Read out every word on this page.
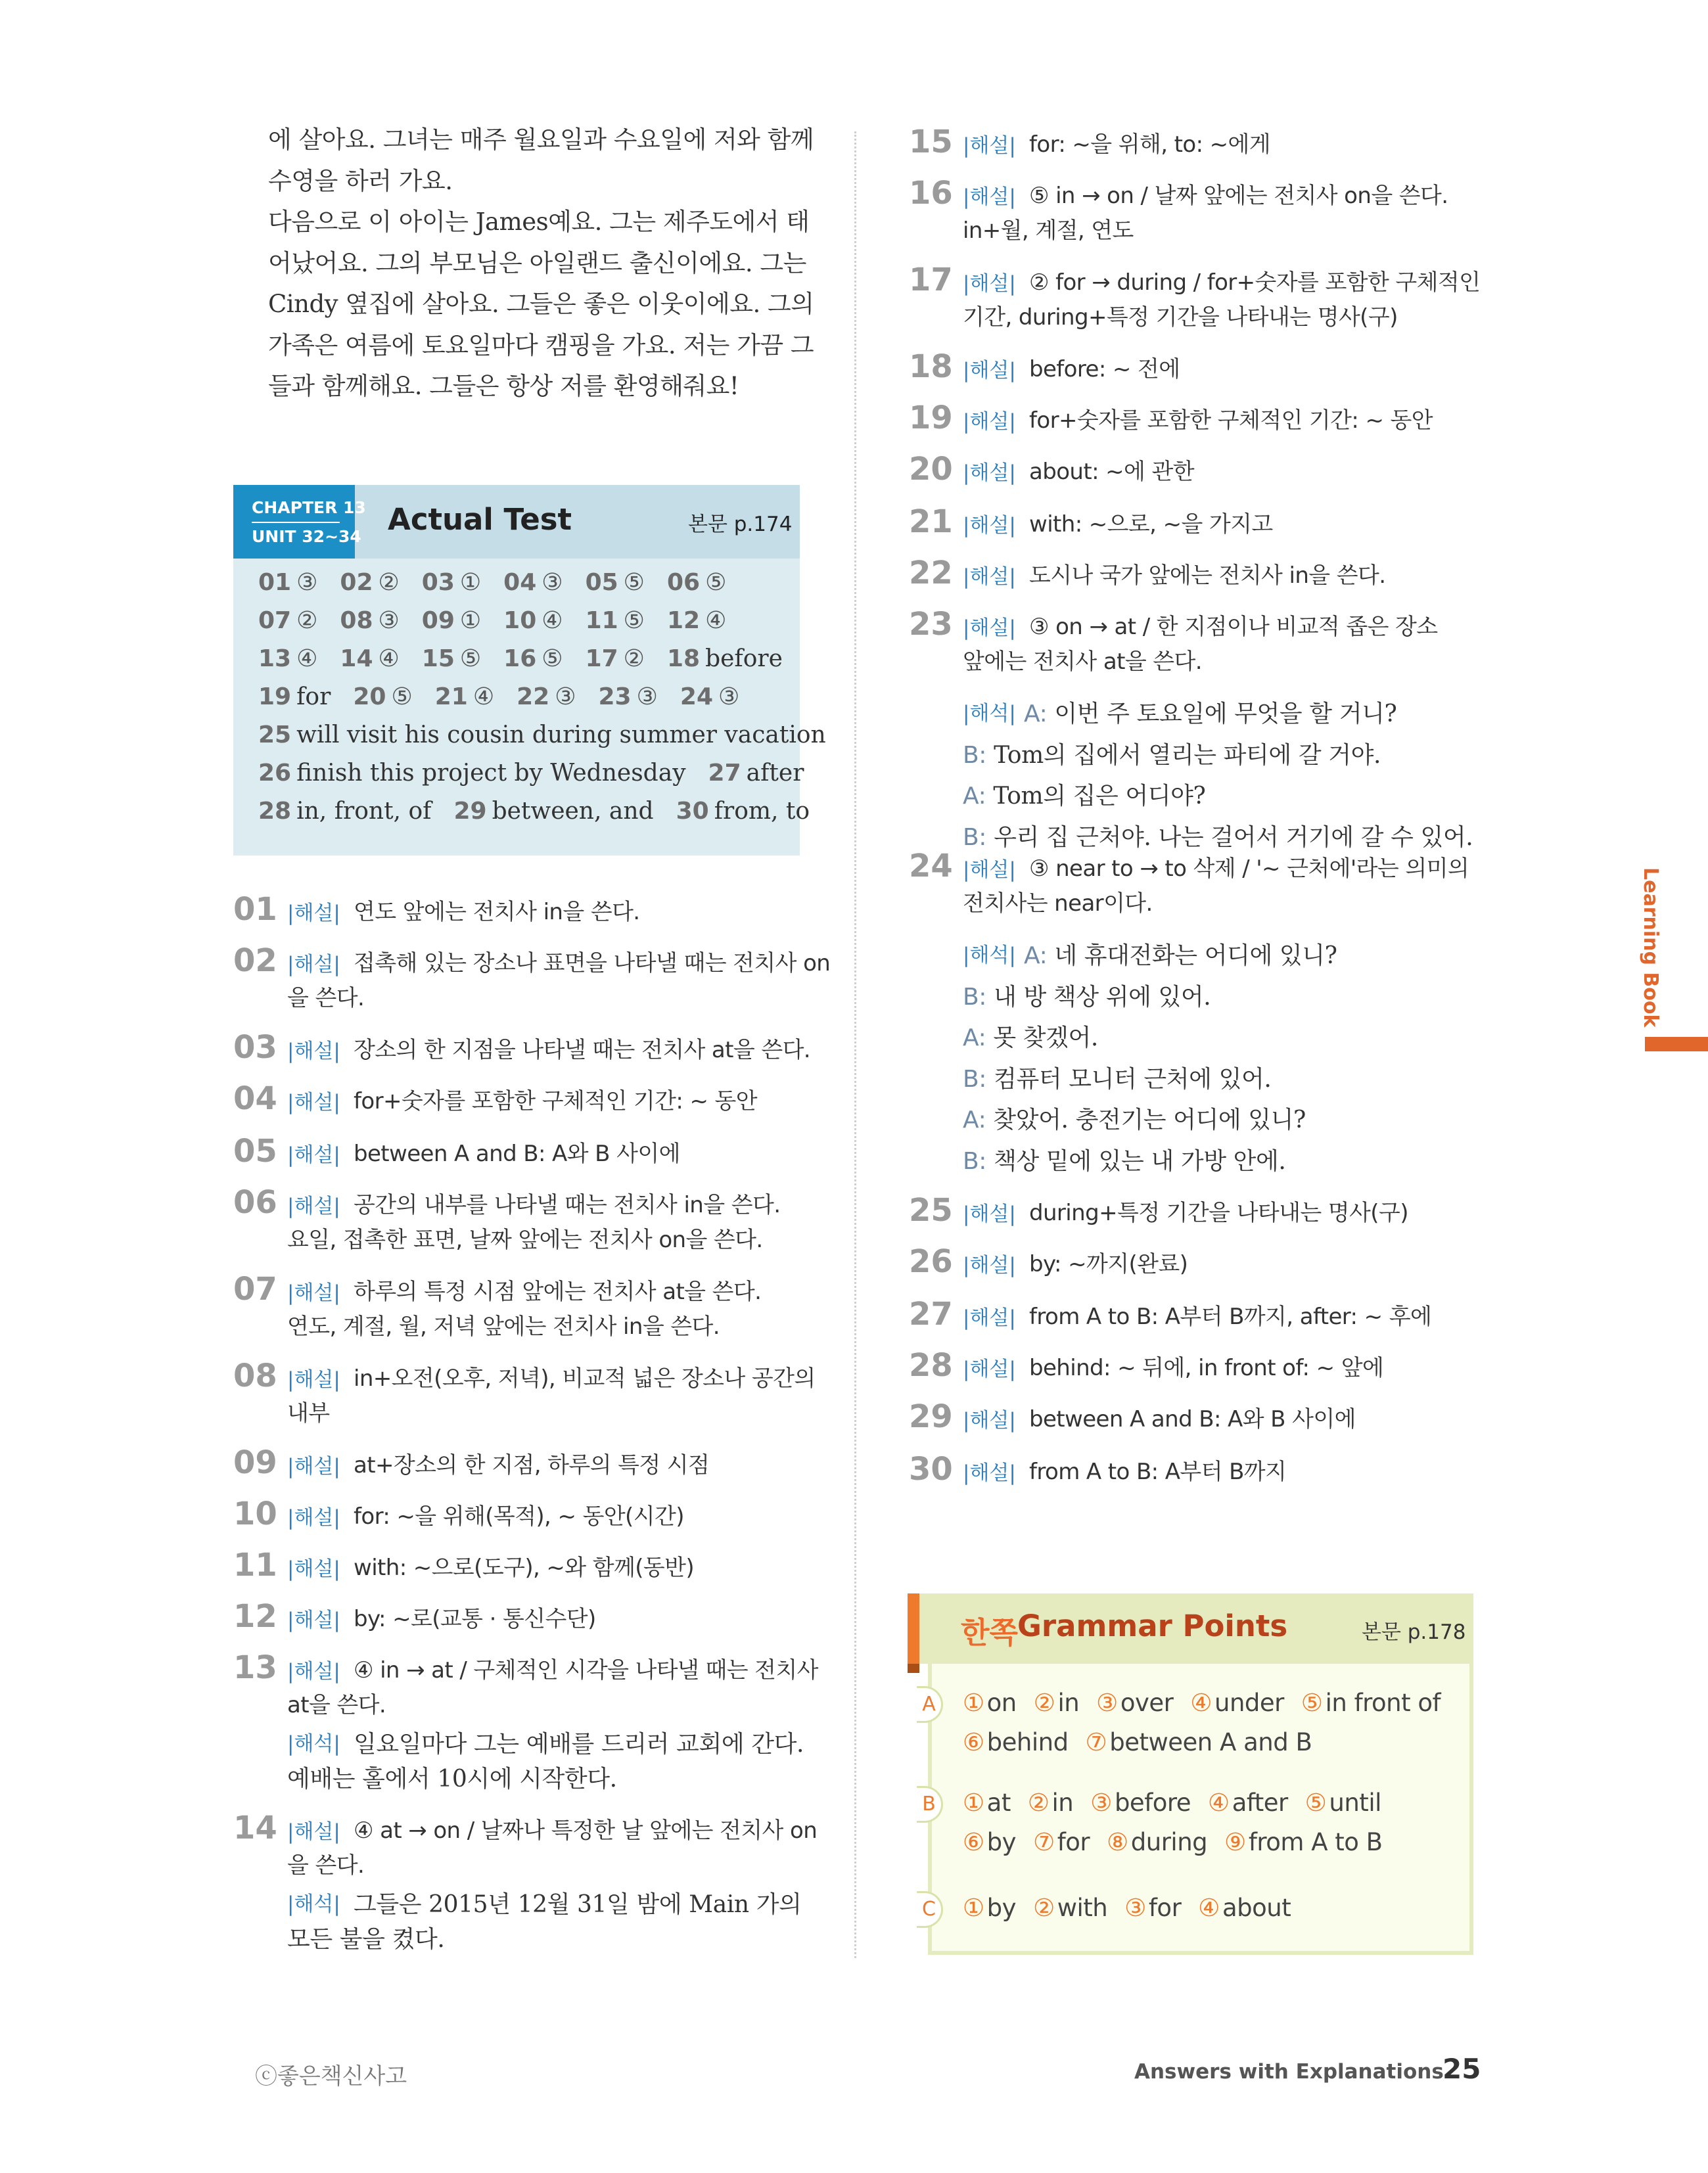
에 살아요. 그녀는 매주 월요일과 수요일에 저와 함께
수영을 하러 가요.
다음으로 이 아이는 James예요. 그는 제주도에서 태
어났어요. 그의 부모님은 아일랜드 출신이에요. 그는
Cindy 옆집에 살아요. 그들은 좋은 이웃이에요. 그의
가족은 여름에 토요일마다 캠핑을 가요. 저는 가끔 그
들과 함께해요. 그들은 항상 저를 환영해줘요!
CHAPTER 13
UNIT 32~34 Actual Test	본문 p.174
01 ③ 02 ② 03 ① 04 ③ 05 ⑤ 06 ⑤
07 ② 08 ③ 09 ① 10 ④ 11 ⑤ 12 ④
13 ④ 14 ④ 15 ⑤ 16 ⑤ 17 ② 18 before
19 for 20 ⑤ 21 ④ 22 ③ 23 ③ 24 ③
25 will visit his cousin during summer vacation
26 finish this project by Wednesday 27 after
28 in, front, of 29 between, and 30 from, to
01 |해설| 연도 앞에는 전치사 in을 쓴다.
02 |해설| 접촉해 있는 장소나 표면을 나타낼 때는 전치사 on
을 쓴다.
03 |해설| 장소의 한 지점을 나타낼 때는 전치사 at을 쓴다.
04 |해설| for+숫자를 포함한 구체적인 기간: ~ 동안
05 |해설| between A and B: A와 B 사이에
06 |해설| 공간의 내부를 나타낼 때는 전치사 in을 쓴다.
요일, 접촉한 표면, 날짜 앞에는 전치사 on을 쓴다.
07 |해설| 하루의 특정 시점 앞에는 전치사 at을 쓴다.
연도, 계절, 월, 저녁 앞에는 전치사 in을 쓴다.
08 |해설| in+오전(오후, 저녁), 비교적 넓은 장소나 공간의
내부
09 |해설| at+장소의 한 지점, 하루의 특정 시점
10 |해설| for: ~을 위해(목적), ~ 동안(시간)
11 |해설| with: ~으로(도구), ~와 함께(동반)
12 |해설| by: ~로(교통 · 통신수단)
13 |해설| ④ in → at / 구체적인 시각을 나타낼 때는 전치사
at을 쓴다.
|해석| 일요일마다 그는 예배를 드리러 교회에 간다.
예배는 홀에서 10시에 시작한다.
14 |해설| ④ at → on / 날짜나 특정한 날 앞에는 전치사 on
을 쓴다.
|해석| 그들은 2015년 12월 31일 밤에 Main 가의
모든 불을 켰다.
15 |해설| for: ~을 위해, to: ~에게
16 |해설| ⑤ in → on / 날짜 앞에는 전치사 on을 쓴다.
in+월, 계절, 연도
17 |해설| ② for → during / for+숫자를 포함한 구체적인
기간, during+특정 기간을 나타내는 명사(구)
18 |해설| before: ~ 전에
19 |해설| for+숫자를 포함한 구체적인 기간: ~ 동안
20 |해설| about: ~에 관한
21 |해설| with: ~으로, ~을 가지고
22 |해설| 도시나 국가 앞에는 전치사 in을 쓴다.
23 |해설| ③ on → at / 한 지점이나 비교적 좁은 장소
앞에는 전치사 at을 쓴다.
|해석| A: 이번 주 토요일에 무엇을 할 거니?
B: Tom의 집에서 열리는 파티에 갈 거야.
A: Tom의 집은 어디야?
B: 우리 집 근처야. 나는 걸어서 거기에 갈 수 있어.
24 |해설| ③ near to → to 삭제 / '~ 근처에'라는 의미의
전치사는 near이다.
|해석| A: 네 휴대전화는 어디에 있니?
B: 내 방 책상 위에 있어.
A: 못 찾겠어.
B: 컴퓨터 모니터 근처에 있어.
A: 찾았어. 충전기는 어디에 있니?
B: 책상 밑에 있는 내 가방 안에.
25 |해설| during+특정 기간을 나타내는 명사(구)
26 |해설| by: ~까지(완료)
27 |해설| from A to B: A부터 B까지, after: ~ 후에
28 |해설| behind: ~ 뒤에, in front of: ~ 앞에
29 |해설| between A and B: A와 B 사이에
30 |해설| from A to B: A부터 B까지
Learning Book
한쪽 Grammar Points	본문 p.178
A	① on ② in ③ over ④ under ⑤ in front of
⑥ behind ⑦ between A and B
B	① at ② in ③ before ④ after ⑤ until
⑥ by ⑦ for ⑧ during ⑨ from A to B
C ① by ② with ③ for ④ about
ⓒ좋은책신사고	Answers with Explanations
25
